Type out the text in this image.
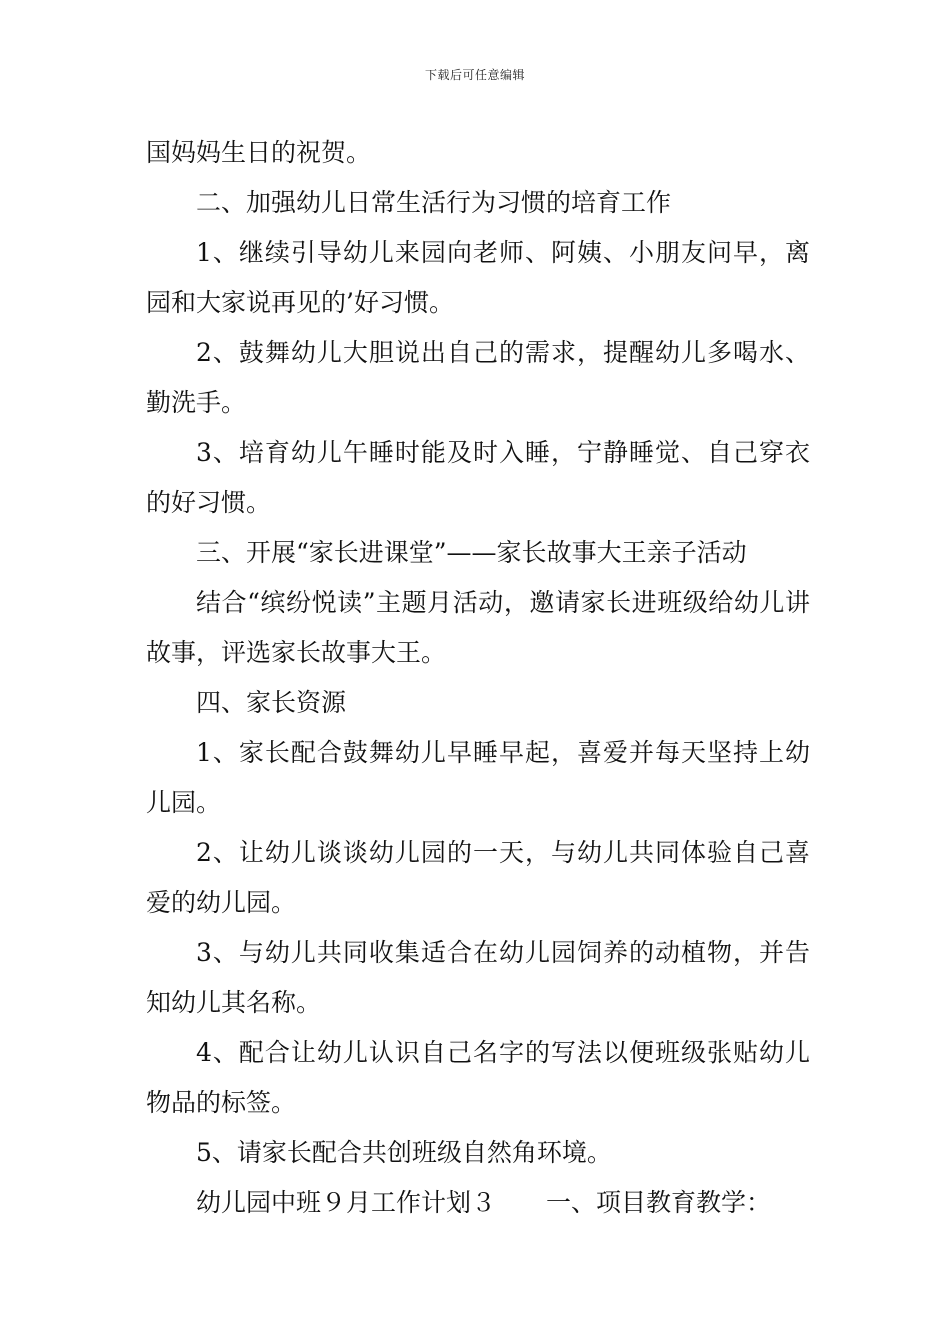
下载后可任意编辑

国妈妈生日的祝贺。

二、加强幼儿日常生活行为习惯的培育工作

1、继续引导幼儿来园向老师、阿姨、小朋友问早，离园和大家说再见的’好习惯。

2、鼓舞幼儿大胆说出自己的需求，提醒幼儿多喝水、勤洗手。

3、培育幼儿午睡时能及时入睡，宁静睡觉、自己穿衣的好习惯。

三、开展“家长进课堂”——家长故事大王亲子活动

结合“缤纷悦读”主题月活动，邀请家长进班级给幼儿讲故事，评选家长故事大王。

四、家长资源

1、家长配合鼓舞幼儿早睡早起，喜爱并每天坚持上幼儿园。

2、让幼儿谈谈幼儿园的一天，与幼儿共同体验自己喜爱的幼儿园。

3、与幼儿共同收集适合在幼儿园饲养的动植物，并告知幼儿其名称。

4、配合让幼儿认识自己名字的写法以便班级张贴幼儿物品的标签。

5、请家长配合共创班级自然角环境。

幼儿园中班９月工作计划３ 一、项目教育教学：
